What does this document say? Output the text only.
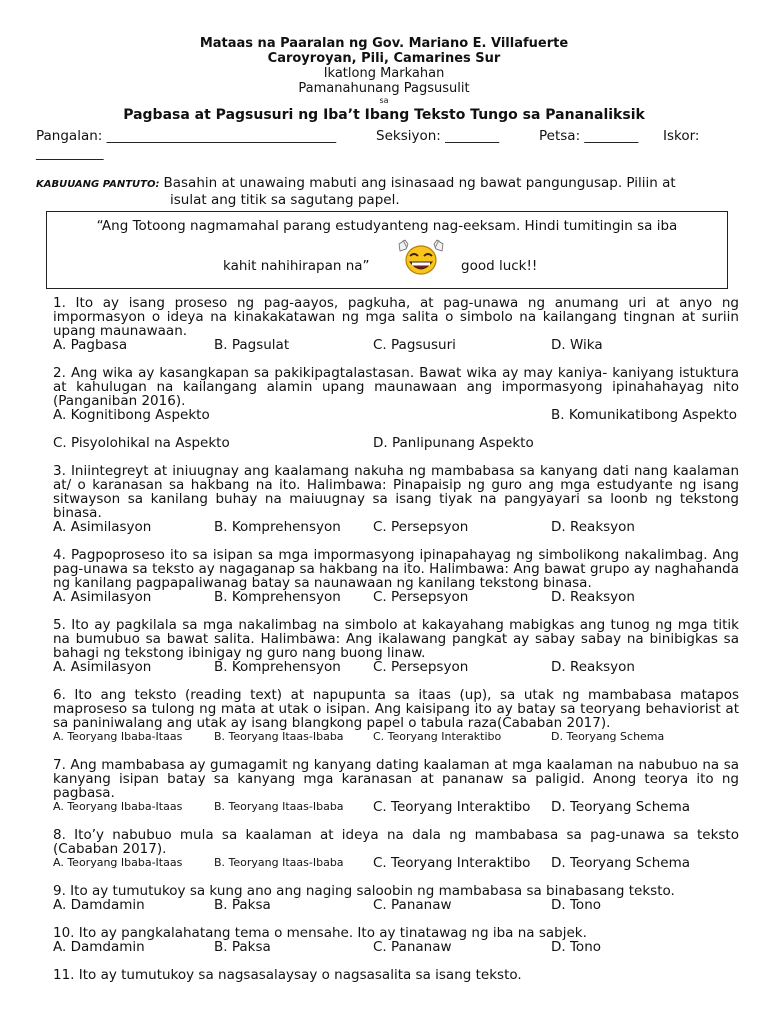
Mataas na Paaralan ng Gov. Mariano E. Villafuerte
Caroyroyan, Pili, Camarines Sur
Ikatlong Markahan
Pamanahunang Pagsusulit
sa
Pagbasa at Pagsusuri ng Iba’t Ibang Teksto Tungo sa Pananaliksik
Pangalan: __________________________________	Seksiyon: ________	Petsa: ________	Iskor:
__________
KABUUANG PANTUTO: Basahin at unawaing mabuti ang isinasaad ng bawat pangungusap. Piliin at
isulat ang titik sa sagutang papel.
“Ang Totoong nagmamahal parang estudyanteng nag-eeksam. Hindi tumitingin sa iba
kahit nahihirapan na”	good luck!!
1. Ito ay isang proseso ng pag-aayos, pagkuha, at pag-unawa ng anumang uri at anyo ng impormasyon o ideya na kinakakatawan ng mga salita o simbolo na kailangang tingnan at suriin upang maunawaan.
A. Pagbasa	B. Pagsulat	C. Pagsusuri	D. Wika
2. Ang wika ay kasangkapan sa pakikipagtalastasan. Bawat wika ay may kaniya- kaniyang istuktura at kahulugan na kailangang alamin upang maunawaan ang impormasyong ipinahahayag nito (Panganiban 2016).
A. Kognitibong Aspekto	B. Komunikatibong Aspekto
C. Pisyolohikal na Aspekto	D. Panlipunang Aspekto
3. Iniintegreyt at iniuugnay ang kaalamang nakuha ng mambabasa sa kanyang dati nang kaalaman at/ o karanasan sa hakbang na ito. Halimbawa: Pinapaisip ng guro ang mga estudyante ng isang sitwayson sa kanilang buhay na maiuugnay sa isang tiyak na pangyayari sa loonb ng tekstong binasa.
A. Asimilasyon	B. Komprehensyon C. Persepsyon	D. Reaksyon
4. Pagpoproseso ito sa isipan sa mga impormasyong ipinapahayag ng simbolikong nakalimbag. Ang pag-unawa sa teksto ay nagaganap sa hakbang na ito. Halimbawa: Ang bawat grupo ay naghahanda ng kanilang pagpapaliwanag batay sa naunawaan ng kanilang tekstong binasa.
A. Asimilasyon	B. Komprehensyon C. Persepsyon	D. Reaksyon
5. Ito ay pagkilala sa mga nakalimbag na simbolo at kakayahang mabigkas ang tunog ng mga titik na bumubuo sa bawat salita. Halimbawa: Ang ikalawang pangkat ay sabay sabay na binibigkas sa bahagi ng tekstong ibinigay ng guro nang buong linaw.
A. Asimilasyon	B. Komprehensyon C. Persepsyon	D. Reaksyon
6. Ito ang teksto (reading text) at napupunta sa itaas (up), sa utak ng mambabasa matapos maproseso sa tulong ng mata at utak o isipan. Ang kaisipang ito ay batay sa teoryang behaviorist at sa paniniwalang ang utak ay isang blangkong papel o tabula raza(Cababan 2017).
A. Teoryang Ibaba-Itaas	B. Teoryang Itaas-Ibaba	C. Teoryang Interaktibo	D. Teoryang Schema
7. Ang mambabasa ay gumagamit ng kanyang dating kaalaman at mga kaalaman na nabubuo na sa kanyang isipan batay sa kanyang mga karanasan at pananaw sa paligid. Anong teorya ito ng pagbasa.
A. Teoryang Ibaba-Itaas	B. Teoryang Itaas-Ibaba C. Teoryang Interaktibo D. Teoryang Schema
8. Ito’y nabubuo mula sa kaalaman at ideya na dala ng mambabasa sa pag-unawa sa teksto (Cababan 2017).
A. Teoryang Ibaba-Itaas	B. Teoryang Itaas-Ibaba C. Teoryang Interaktibo D. Teoryang Schema
9. Ito ay tumutukoy sa kung ano ang naging saloobin ng mambabasa sa binabasang teksto.
A. Damdamin	B. Paksa	C. Pananaw	D. Tono
10. Ito ay pangkalahatang tema o mensahe. Ito ay tinatawag ng iba na sabjek.
A. Damdamin	B. Paksa	C. Pananaw	D. Tono
11. Ito ay tumutukoy sa nagsasalaysay o nagsasalita sa isang teksto.
